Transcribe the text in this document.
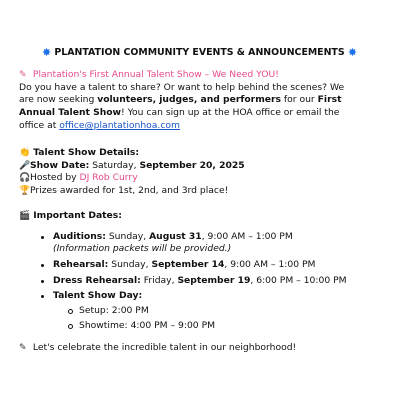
✸ PLANTATION COMMUNITY EVENTS & ANNOUNCEMENTS ✸

✎ Plantation's First Annual Talent Show – We Need YOU!

Do you have a talent to share? Or want to help behind the scenes? We

are now seeking volunteers, judges, and performers for our First

Annual Talent Show! You can sign up at the HOA office or email the

office at office@plantationhoa.com

👏 Talent Show Details:
🎤Show Date: Saturday, September 20, 2025
🎧Hosted by DJ Rob Curry
🏆Prizes awarded for 1st, 2nd, and 3rd place!
🎬 Important Dates:
Auditions: Sunday, August 31, 9:00 AM – 1:00 PM
(Information packets will be provided.)
Rehearsal: Sunday, September 14, 9:00 AM – 1:00 PM
Dress Rehearsal: Friday, September 19, 6:00 PM – 10:00 PM
Talent Show Day:
Setup: 2:00 PM
Showtime: 4:00 PM – 9:00 PM
✎ Let's celebrate the incredible talent in our neighborhood!
